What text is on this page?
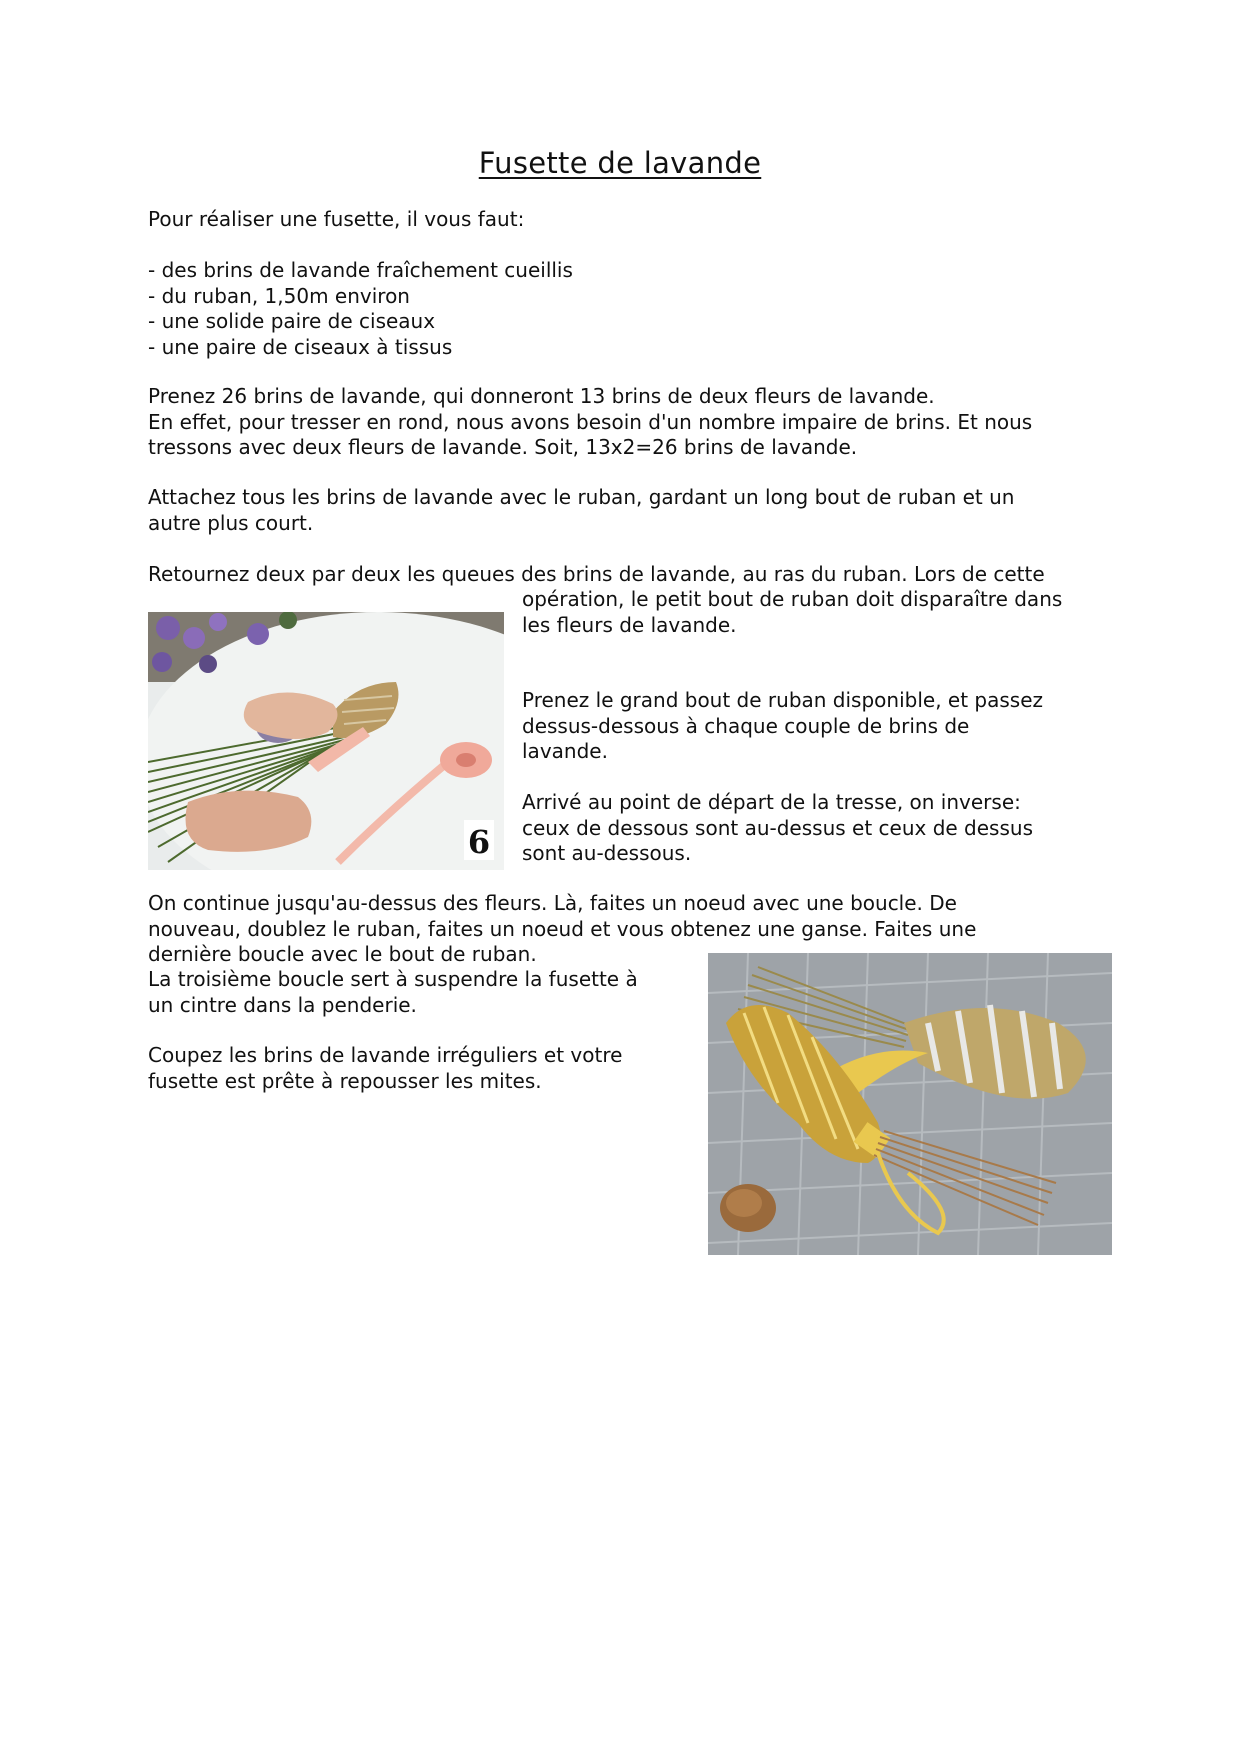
Fusette de lavande
Pour réaliser une fusette, il vous faut:
- des brins de lavande fraîchement cueillis
- du ruban, 1,50m environ
- une solide paire de ciseaux
- une paire de ciseaux à tissus
Prenez 26 brins de lavande, qui donneront 13 brins de deux fleurs de lavande.
En effet, pour tresser en rond, nous avons besoin d'un nombre impaire de brins. Et nous
tressons avec deux fleurs de lavande. Soit, 13x2=26 brins de lavande.
Attachez tous les brins de lavande avec le ruban, gardant un long bout de ruban et un
autre plus court.
Retournez deux par deux les queues des brins de lavande, au ras du ruban. Lors de cette
opération, le petit bout de ruban doit disparaître dans
les fleurs de lavande.
Prenez le grand bout de ruban disponible, et passez
dessus-dessous à chaque couple de brins de
lavande.
Arrivé au point de départ de la tresse, on inverse:
ceux de dessous sont au-dessus et ceux de dessus
sont au-dessous.
On continue jusqu'au-dessus des fleurs. Là, faites un noeud avec une boucle. De
nouveau, doublez le ruban, faites un noeud et vous obtenez une ganse. Faites une
dernière boucle avec le bout de ruban.
La troisième boucle sert à suspendre la fusette à
un cintre dans la penderie.
Coupez les brins de lavande irréguliers et votre
fusette est prête à repousser les mites.
6
